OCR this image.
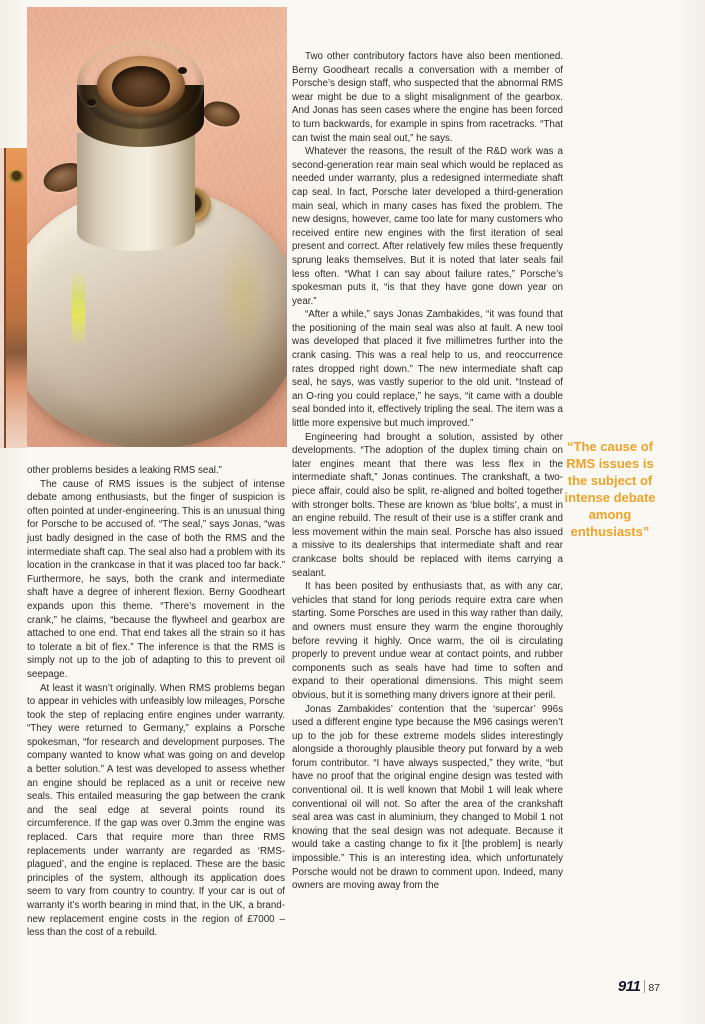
other problems besides a leaking RMS seal.”

The cause of RMS issues is the subject of intense debate among enthusiasts, but the finger of suspicion is often pointed at under-engineering. This is an unusual thing for Porsche to be accused of. “The seal,” says Jonas, “was just badly designed in the case of both the RMS and the intermediate shaft cap. The seal also had a problem with its location in the crankcase in that it was placed too far back.” Furthermore, he says, both the crank and intermediate shaft have a degree of inherent flexion. Berny Goodheart expands upon this theme. “There’s movement in the crank,” he claims, “because the flywheel and gearbox are attached to one end. That end takes all the strain so it has to tolerate a bit of flex.” The inference is that the RMS is simply not up to the job of adapting to this to prevent oil seepage.

At least it wasn’t originally. When RMS problems began to appear in vehicles with unfeasibly low mileages, Porsche took the step of replacing entire engines under warranty. “They were returned to Germany,” explains a Porsche spokesman, “for research and development purposes. The company wanted to know what was going on and develop a better solution.” A test was developed to assess whether an engine should be replaced as a unit or receive new seals. This entailed measuring the gap between the crank and the seal edge at several points round its circumference. If the gap was over 0.3mm the engine was replaced. Cars that require more than three RMS replacements under warranty are regarded as ‘RMS-plagued’, and the engine is replaced. These are the basic principles of the system, although its application does seem to vary from country to country. If your car is out of warranty it’s worth bearing in mind that, in the UK, a brand-new replacement engine costs in the region of £7000 – less than the cost of a rebuild.

Two other contributory factors have also been mentioned. Berny Goodheart recalls a conversation with a member of Porsche’s design staff, who suspected that the abnormal RMS wear might be due to a slight misalignment of the gearbox. And Jonas has seen cases where the engine has been forced to turn backwards, for example in spins from racetracks. “That can twist the main seal out,” he says.

Whatever the reasons, the result of the R&D work was a second-generation rear main seal which would be replaced as needed under warranty, plus a redesigned intermediate shaft cap seal. In fact, Porsche later developed a third-generation main seal, which in many cases has fixed the problem. The new designs, however, came too late for many customers who received entire new engines with the first iteration of seal present and correct. After relatively few miles these frequently sprung leaks themselves. But it is noted that later seals fail less often. “What I can say about failure rates,” Porsche’s spokesman puts it, “is that they have gone down year on year.”

“After a while,” says Jonas Zambakides, “it was found that the positioning of the main seal was also at fault. A new tool was developed that placed it five millimetres further into the crank casing. This was a real help to us, and reoccurrence rates dropped right down.” The new intermediate shaft cap seal, he says, was vastly superior to the old unit. “Instead of an O-ring you could replace,” he says, “it came with a double seal bonded into it, effectively tripling the seal. The item was a little more expensive but much improved.”

Engineering had brought a solution, assisted by other developments. “The adoption of the duplex timing chain on later engines meant that there was less flex in the intermediate shaft,” Jonas continues. The crankshaft, a two-piece affair, could also be split, re-aligned and bolted together with stronger bolts. These are known as ‘blue bolts’, a must in an engine rebuild. The result of their use is a stiffer crank and less movement within the main seal. Porsche has also issued a missive to its dealerships that intermediate shaft and rear crankcase bolts should be replaced with items carrying a sealant.

It has been posited by enthusiasts that, as with any car, vehicles that stand for long periods require extra care when starting. Some Porsches are used in this way rather than daily, and owners must ensure they warm the engine thoroughly before revving it highly. Once warm, the oil is circulating properly to prevent undue wear at contact points, and rubber components such as seals have had time to soften and expand to their operational dimensions. This might seem obvious, but it is something many drivers ignore at their peril.

Jonas Zambakides’ contention that the ‘supercar’ 996s used a different engine type because the M96 casings weren’t up to the job for these extreme models slides interestingly alongside a thoroughly plausible theory put forward by a web forum contributor. “I have always suspected,” they write, “but have no proof that the original engine design was tested with conventional oil. It is well known that Mobil 1 will leak where conventional oil will not. So after the area of the crankshaft seal area was cast in aluminium, they changed to Mobil 1 not knowing that the seal design was not adequate. Because it would take a casting change to fix it [the problem] is nearly impossible.” This is an interesting idea, which unfortunately Porsche would not be drawn to comment upon. Indeed, many owners are moving away from the

“The cause of RMS issues is the subject of intense debate among enthusiasts”
911 87
